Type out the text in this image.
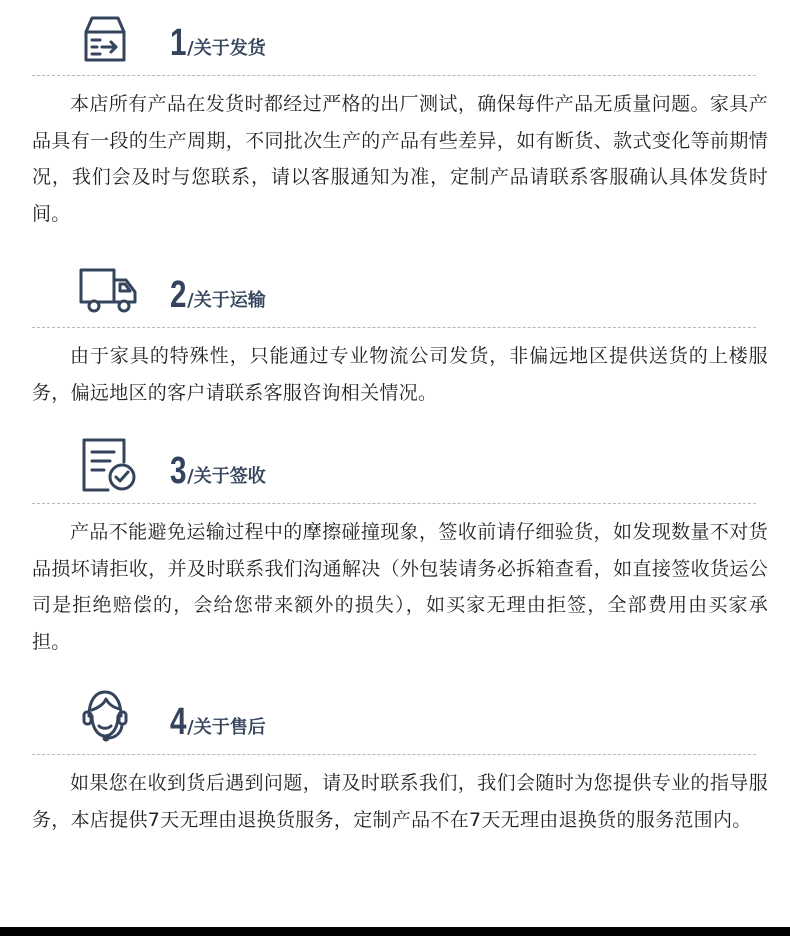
1 /关于发货
本店所有产品在发货时都经过严格的出厂测试，确保每件产品无质量问题。家具产品具有一段的生产周期，不同批次生产的产品有些差异，如有断货、款式变化等前期情况，我们会及时与您联系，请以客服通知为准，定制产品请联系客服确认具体发货时间。
2 /关于运输
由于家具的特殊性，只能通过专业物流公司发货，非偏远地区提供送货的上楼服务，偏远地区的客户请联系客服咨询相关情况。
3 /关于签收
产品不能避免运输过程中的摩擦碰撞现象，签收前请仔细验货，如发现数量不对货品损坏请拒收，并及时联系我们沟通解决（外包装请务必拆箱查看，如直接签收货运公司是拒绝赔偿的，会给您带来额外的损失），如买家无理由拒签，全部费用由买家承担。
4 /关于售后
如果您在收到货后遇到问题，请及时联系我们，我们会随时为您提供专业的指导服务，本店提供7天无理由退换货服务，定制产品不在7天无理由退换货的服务范围内。
